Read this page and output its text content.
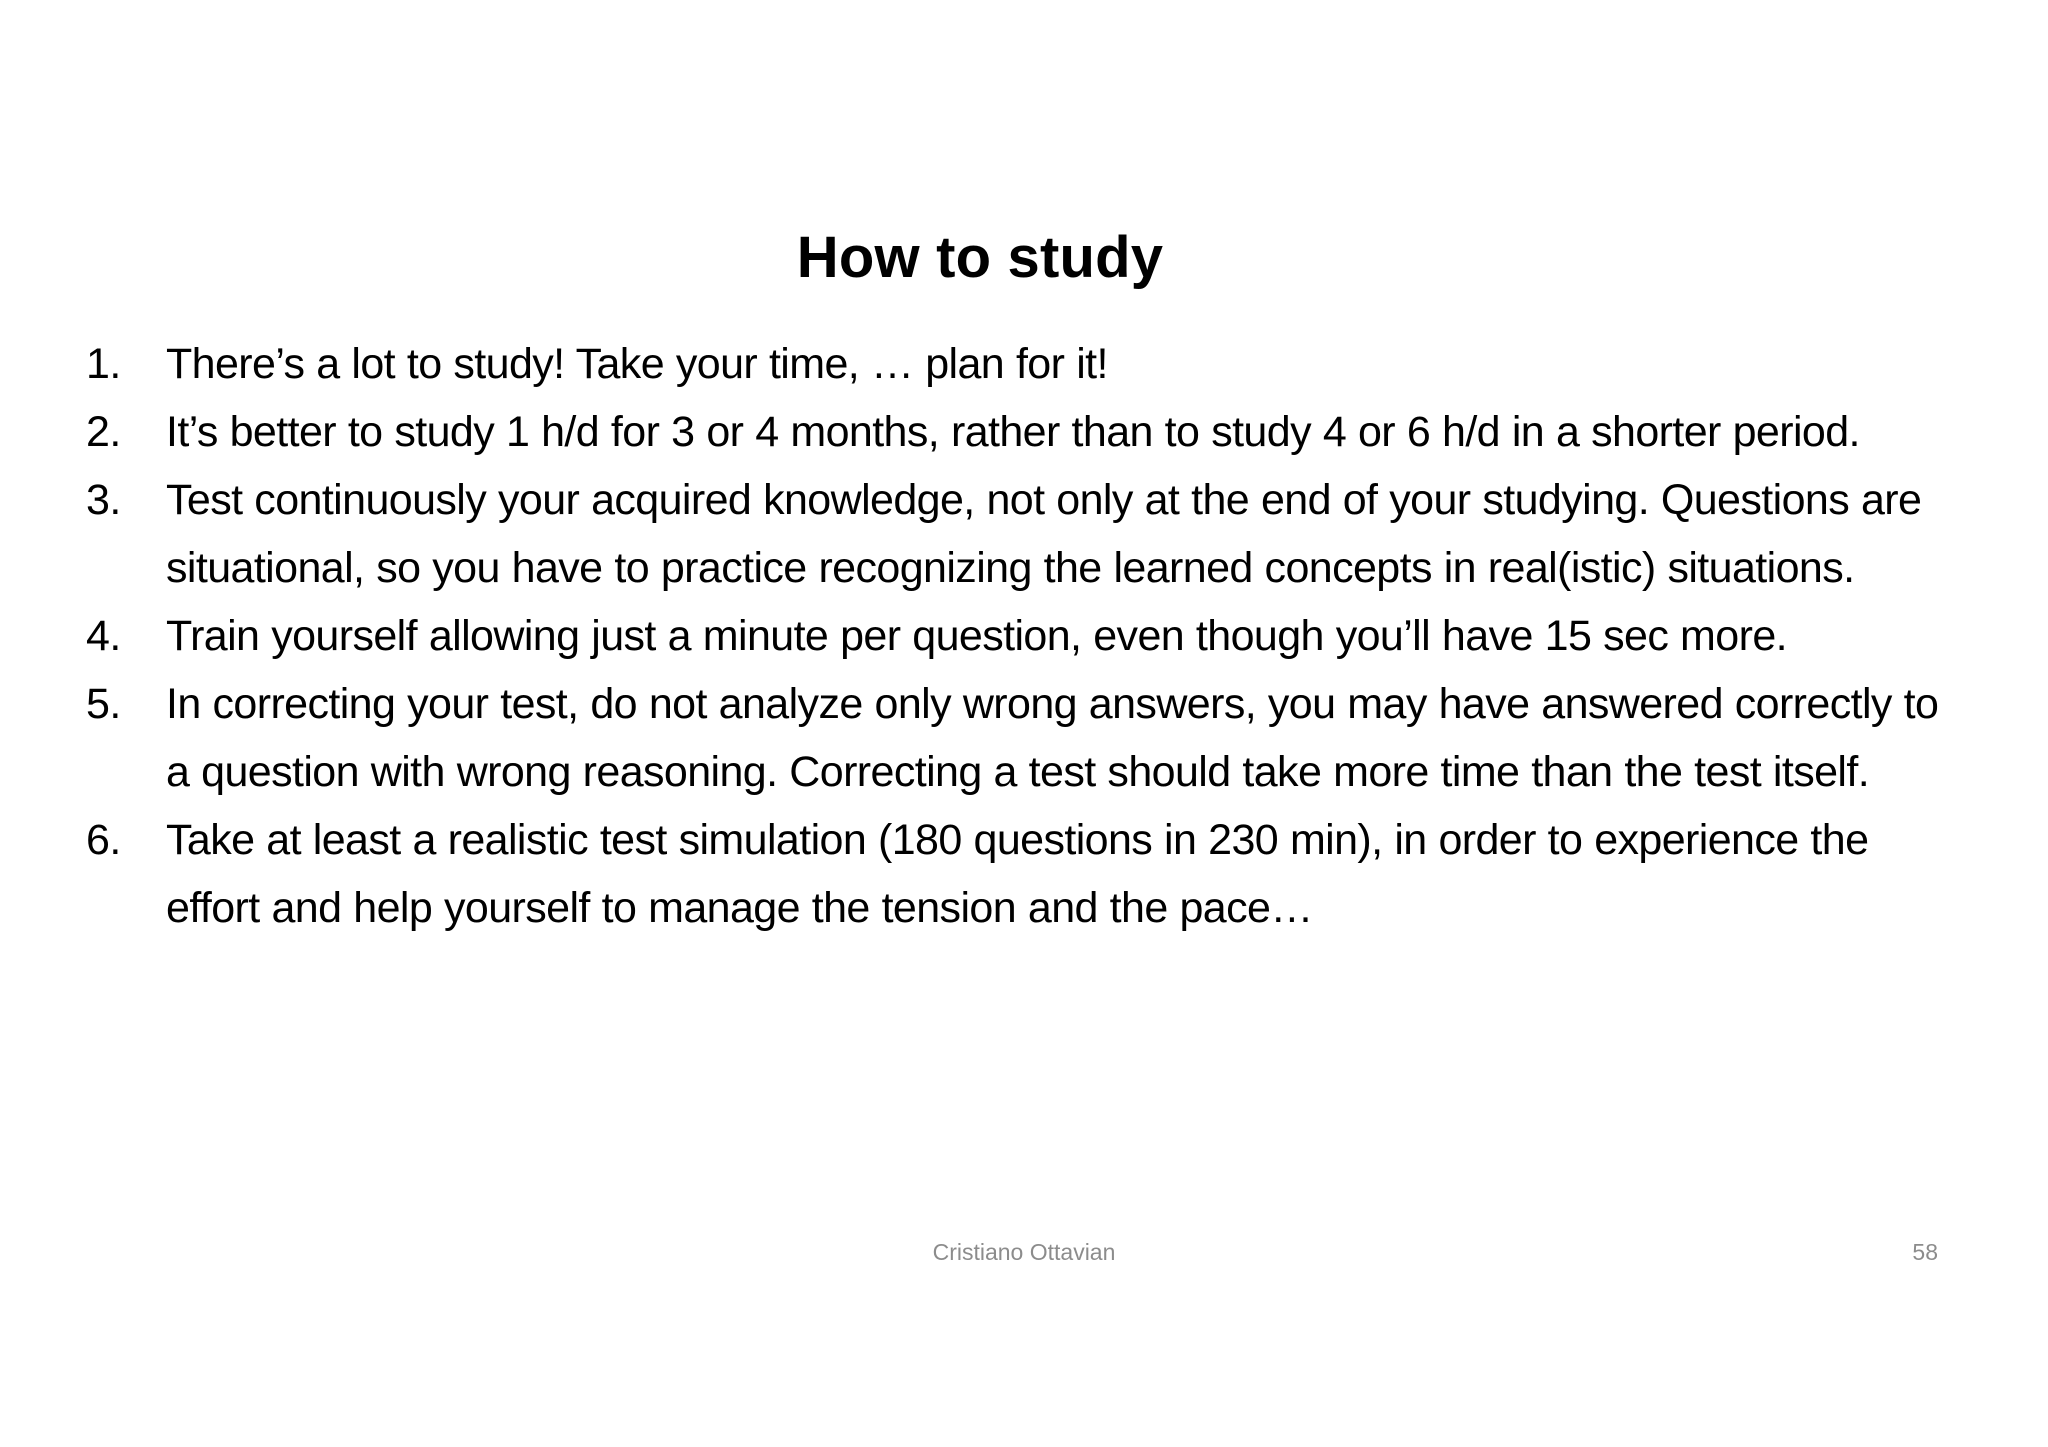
How to study
1. There’s a lot to study! Take your time, … plan for it!
2. It’s better to study 1 h/d for 3 or 4 months, rather than to study 4 or 6 h/d in a shorter period.
3. Test continuously your acquired knowledge, not only at the end of your studying. Questions are situational, so you have to practice recognizing the learned concepts in real(istic) situations.
4. Train yourself allowing just a minute per question, even though you’ll have 15 sec more.
5. In correcting your test, do not analyze only wrong answers, you may have answered correctly to a question with wrong reasoning. Correcting a test should take more time than the test itself.
6. Take at least a realistic test simulation (180 questions in 230 min), in order to experience the effort and help yourself to manage the tension and the pace…
Cristiano Ottavian	58
